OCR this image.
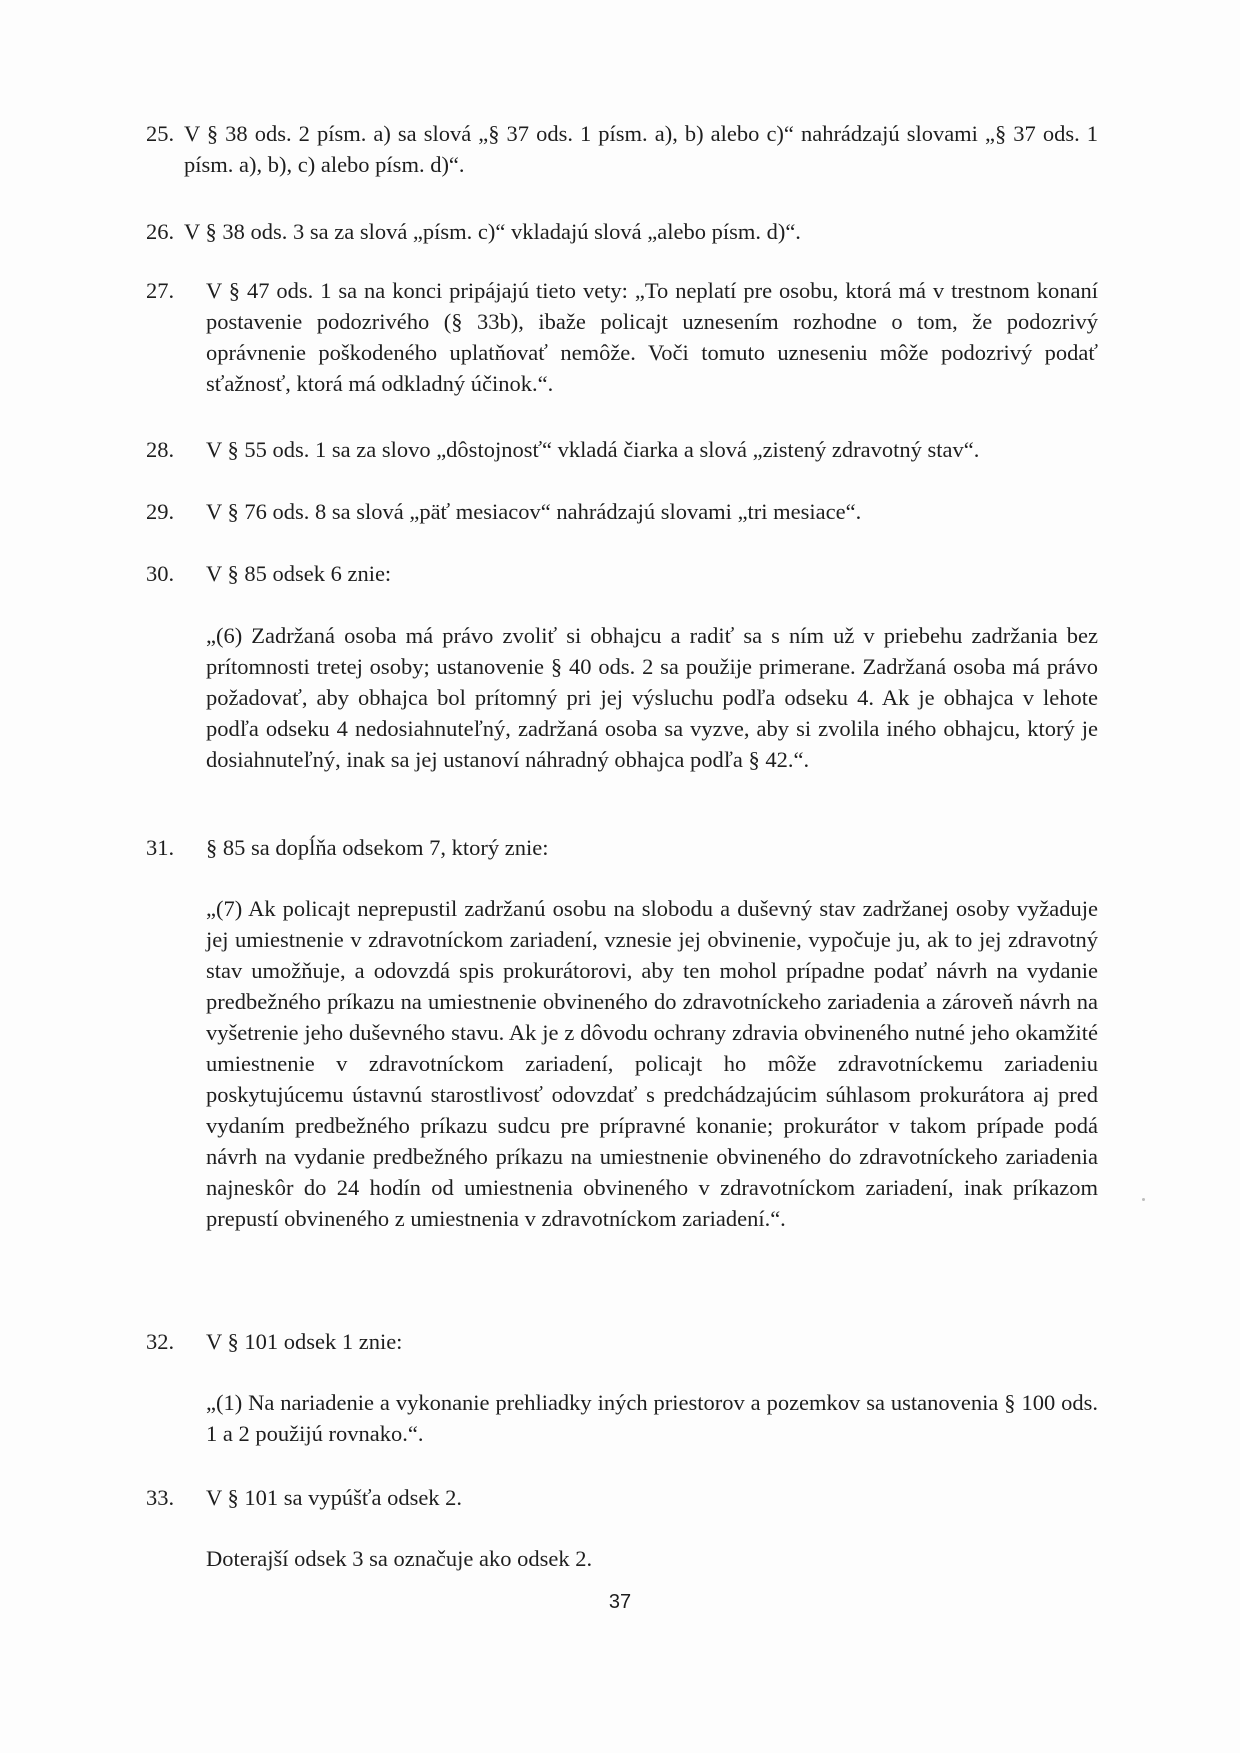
25. V § 38 ods. 2 písm. a) sa slová „§ 37 ods. 1 písm. a), b) alebo c)“ nahrádzajú slovami „§ 37 ods. 1 písm. a), b), c) alebo písm. d)“.
26. V § 38 ods. 3 sa za slová „písm. c)“ vkladajú slová „alebo písm. d)“.
27.	V § 47 ods. 1 sa na konci pripájajú tieto vety: „To neplatí pre osobu, ktorá má v trestnom konaní postavenie podozrivého (§ 33b), ibaže policajt uznesením rozhodne o tom, že podozrivý oprávnenie poškodeného uplatňovať nemôže. Voči tomuto uzneseniu môže podozrivý podať sťažnosť, ktorá má odkladný účinok.“.
28.	V § 55 ods. 1 sa za slovo „dôstojnosť“ vkladá čiarka a slová „zistený zdravotný stav“.
29.	V § 76 ods. 8 sa slová „päť mesiacov“ nahrádzajú slovami „tri mesiace“.
30.	V § 85 odsek 6 znie:
„(6) Zadržaná osoba má právo zvoliť si obhajcu a radiť sa s ním už v priebehu zadržania bez prítomnosti tretej osoby; ustanovenie § 40 ods. 2 sa použije primerane. Zadržaná osoba má právo požadovať, aby obhajca bol prítomný pri jej výsluchu podľa odseku 4. Ak je obhajca v lehote podľa odseku 4 nedosiahnuteľný, zadržaná osoba sa vyzve, aby si zvolila iného obhajcu, ktorý je dosiahnuteľný, inak sa jej ustanoví náhradný obhajca podľa § 42.“.
31.	§ 85 sa dopĺňa odsekom 7, ktorý znie:
„(7) Ak policajt neprepustil zadržanú osobu na slobodu a duševný stav zadržanej osoby vyžaduje jej umiestnenie v zdravotníckom zariadení, vznesie jej obvinenie, vypočuje ju, ak to jej zdravotný stav umožňuje, a odovzdá spis prokurátorovi, aby ten mohol prípadne podať návrh na vydanie predbežného príkazu na umiestnenie obvineného do zdravotníckeho zariadenia a zároveň návrh na vyšetrenie jeho duševného stavu. Ak je z dôvodu ochrany zdravia obvineného nutné jeho okamžité umiestnenie v zdravotníckom zariadení, policajt ho môže zdravotníckemu zariadeniu poskytujúcemu ústavnú starostlivosť odovzdať s predchádzajúcim súhlasom prokurátora aj pred vydaním predbežného príkazu sudcu pre prípravné konanie; prokurátor v takom prípade podá návrh na vydanie predbežného príkazu na umiestnenie obvineného do zdravotníckeho zariadenia najneskôr do 24 hodín od umiestnenia obvineného v zdravotníckom zariadení, inak príkazom prepustí obvineného z umiestnenia v zdravotníckom zariadení.“.
32.	V § 101 odsek 1 znie:
„(1) Na nariadenie a vykonanie prehliadky iných priestorov a pozemkov sa ustanovenia § 100 ods. 1 a 2 použijú rovnako.“.
33.	V § 101 sa vypúšťa odsek 2.
Doterajší odsek 3 sa označuje ako odsek 2.
37
